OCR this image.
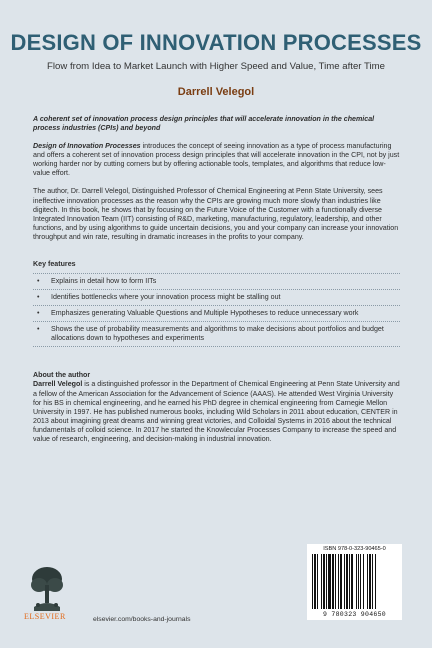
DESIGN OF INNOVATION PROCESSES
Flow from Idea to Market Launch with Higher Speed and Value, Time after Time
Darrell Velegol
A coherent set of innovation process design principles that will accelerate innovation in the chemical process industries (CPIs) and beyond

Design of Innovation Processes introduces the concept of seeing innovation as a type of process manufacturing and offers a coherent set of innovation process design principles that will accelerate innovation in the CPI, not by just working harder nor by cutting corners but by offering actionable tools, templates, and algorithms that reduce low-value effort.

The author, Dr. Darrell Velegol, Distinguished Professor of Chemical Engineering at Penn State University, sees ineffective innovation processes as the reason why the CPIs are growing much more slowly than industries like digitech. In this book, he shows that by focusing on the Future Voice of the Customer with a functionally diverse Integrated Innovation Team (IIT) consisting of R&D, marketing, manufacturing, regulatory, leadership, and other functions, and by using algorithms to guide uncertain decisions, you and your company can increase your innovation throughput and win rate, resulting in dramatic increases in the profits to your company.

Key features
• Explains in detail how to form IITs
• Identifies bottlenecks where your innovation process might be stalling out
• Emphasizes generating Valuable Questions and Multiple Hypotheses to reduce unnecessary work
• Shows the use of probability measurements and algorithms to make decisions about portfolios and budget allocations down to hypotheses and experiments
About the author
Darrell Velegol is a distinguished professor in the Department of Chemical Engineering at Penn State University and a fellow of the American Association for the Advancement of Science (AAAS). He attended West Virginia University for his BS in chemical engineering, and he earned his PhD degree in chemical engineering from Carnegie Mellon University in 1997. He has published numerous books, including Wild Scholars in 2011 about education, CENTER in 2013 about imagining great dreams and winning great victories, and Colloidal Systems in 2016 about the technical fundamentals of colloid science. In 2017 he started the Knowlecular Processes Company to increase the speed and value of research, engineering, and decision-making in industrial innovation.
ELSEVIER	elsevier.com/books-and-journals
ISBN 978-0-323-90465-0
9 780323 904650
